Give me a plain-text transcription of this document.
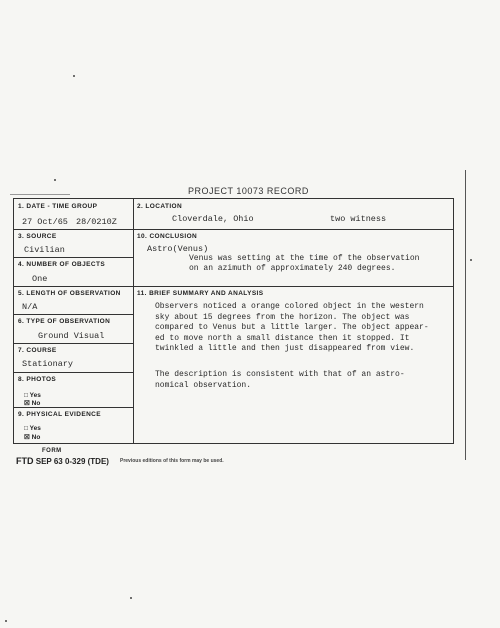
PROJECT 10073 RECORD
1. DATE - TIME GROUP
27 Oct/65 28/0210Z
2. LOCATION
Cloverdale, Ohio	two witness
3. SOURCE
Civilian
10. CONCLUSION
Astro(Venus)
Venus was setting at the time of the observation
on an azimuth of approximately 240 degrees.
4. NUMBER OF OBJECTS
One
5. LENGTH OF OBSERVATION
N/A
11. BRIEF SUMMARY AND ANALYSIS
Observers noticed a orange colored object in the western
sky about 15 degrees from the horizon. The object was
compared to Venus but a little larger. The object appear-
ed to move north a small distance then it stopped. It
twinkled a little and then just disappeared from view.
The description is consistent with that of an astro-
nomical observation.
6. TYPE OF OBSERVATION
Ground Visual
7. COURSE
Stationary
8. PHOTOS
□ Yes
☒ No
9. PHYSICAL EVIDENCE
□ Yes
☒ No
FORM
FTD SEP 63 0-329 (TDE) Previous editions of this form may be used.
